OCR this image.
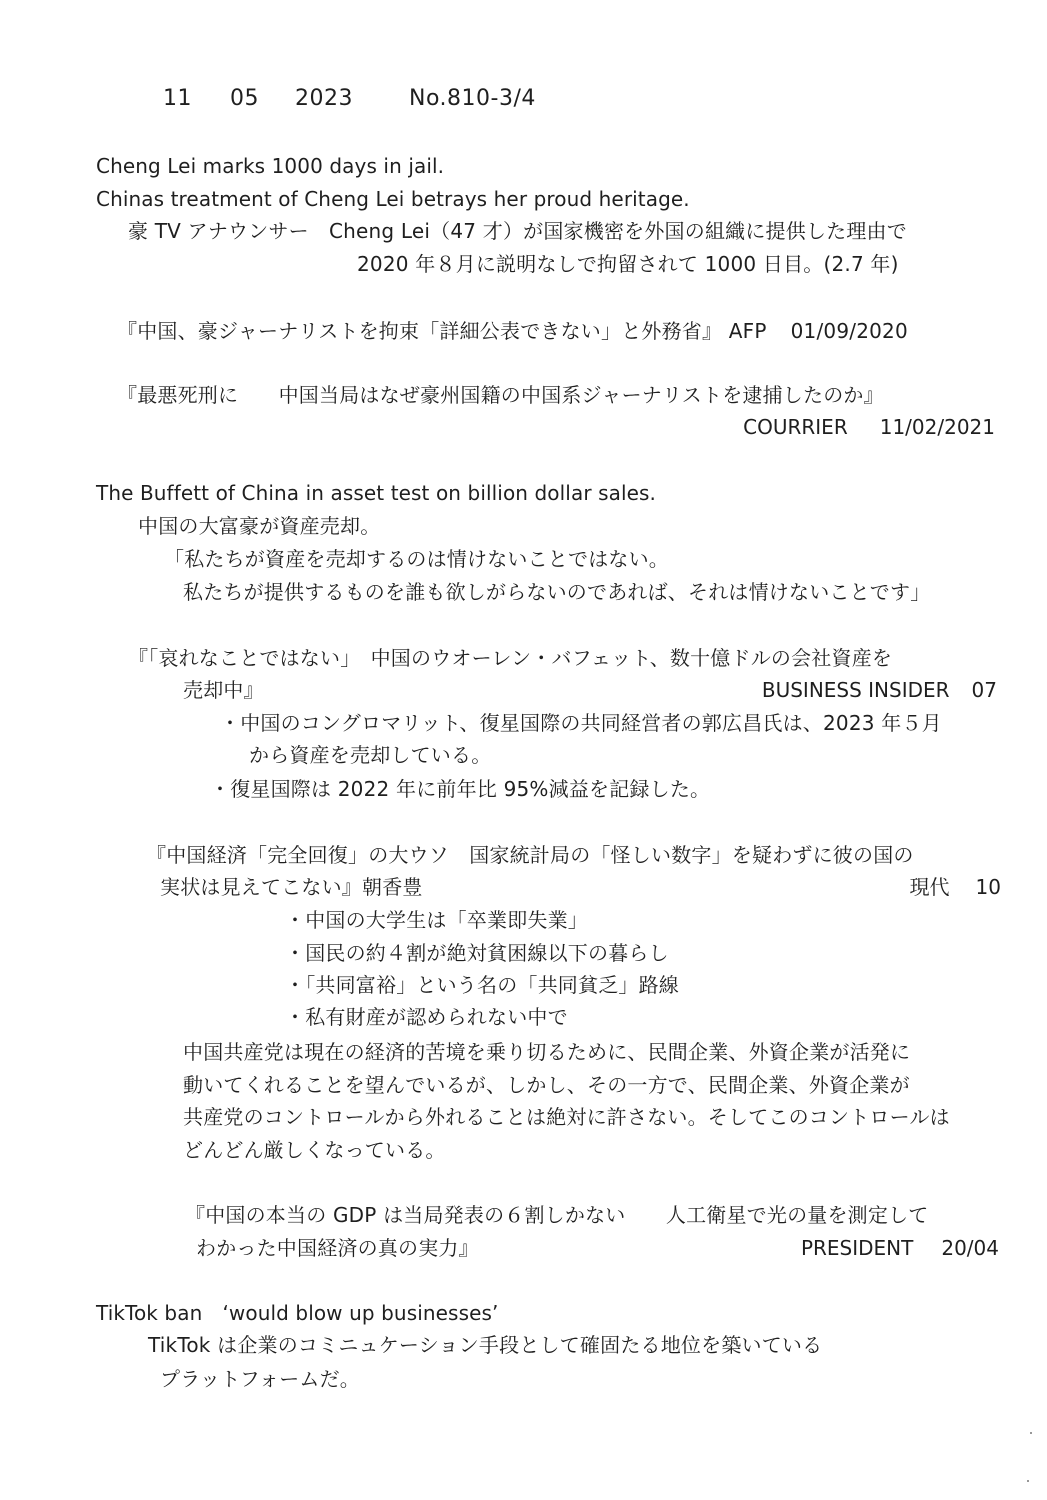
11 05 2023	No.810-3/4
Cheng Lei marks 1000 days in jail.
Chinas treatment of Cheng Lei betrays her proud heritage.
豪 TV アナウンサー　Cheng Lei（47 才）が国家機密を外国の組織に提供した理由で
2020 年８月に説明なしで拘留されて 1000 日目。(2.7 年)
『中国、豪ジャーナリストを拘束「詳細公表できない」と外務省』 AFP 01/09/2020
『最悪死刑に　　中国当局はなぜ豪州国籍の中国系ジャーナリストを逮捕したのか』
COURRIER 11/02/2021
The Buffett of China in asset test on billion dollar sales.
中国の大富豪が資産売却。
「私たちが資産を売却するのは情けないことではない。
私たちが提供するものを誰も欲しがらないのであれば、それは情けないことです」
『「哀れなことではない」　中国のウオーレン・バフェット、数十億ドルの会社資産を
売却中』	BUSINESS INSIDER 07
・中国のコングロマリット、復星国際の共同経営者の郭広昌氏は、2023 年５月
から資産を売却している。
・復星国際は 2022 年に前年比 95%減益を記録した。
『中国経済「完全回復」の大ウソ　国家統計局の「怪しい数字」を疑わずに彼の国の
実状は見えてこない』朝香豊	現代 10
・中国の大学生は「卒業即失業」
・国民の約４割が絶対貧困線以下の暮らし
・「共同富裕」という名の「共同貧乏」路線
・私有財産が認められない中で
中国共産党は現在の経済的苦境を乗り切るために、民間企業、外資企業が活発に
動いてくれることを望んでいるが、しかし、その一方で、民間企業、外資企業が
共産党のコントロールから外れることは絶対に許さない。そしてこのコントロールは
どんどん厳しくなっている。
『中国の本当の GDP は当局発表の６割しかない　　人工衛星で光の量を測定して
わかった中国経済の真の実力』	PRESIDENT 20/04
TikTok ban　‘would blow up businesses’
TikTok は企業のコミニュケーション手段として確固たる地位を築いている
プラットフォームだ。
